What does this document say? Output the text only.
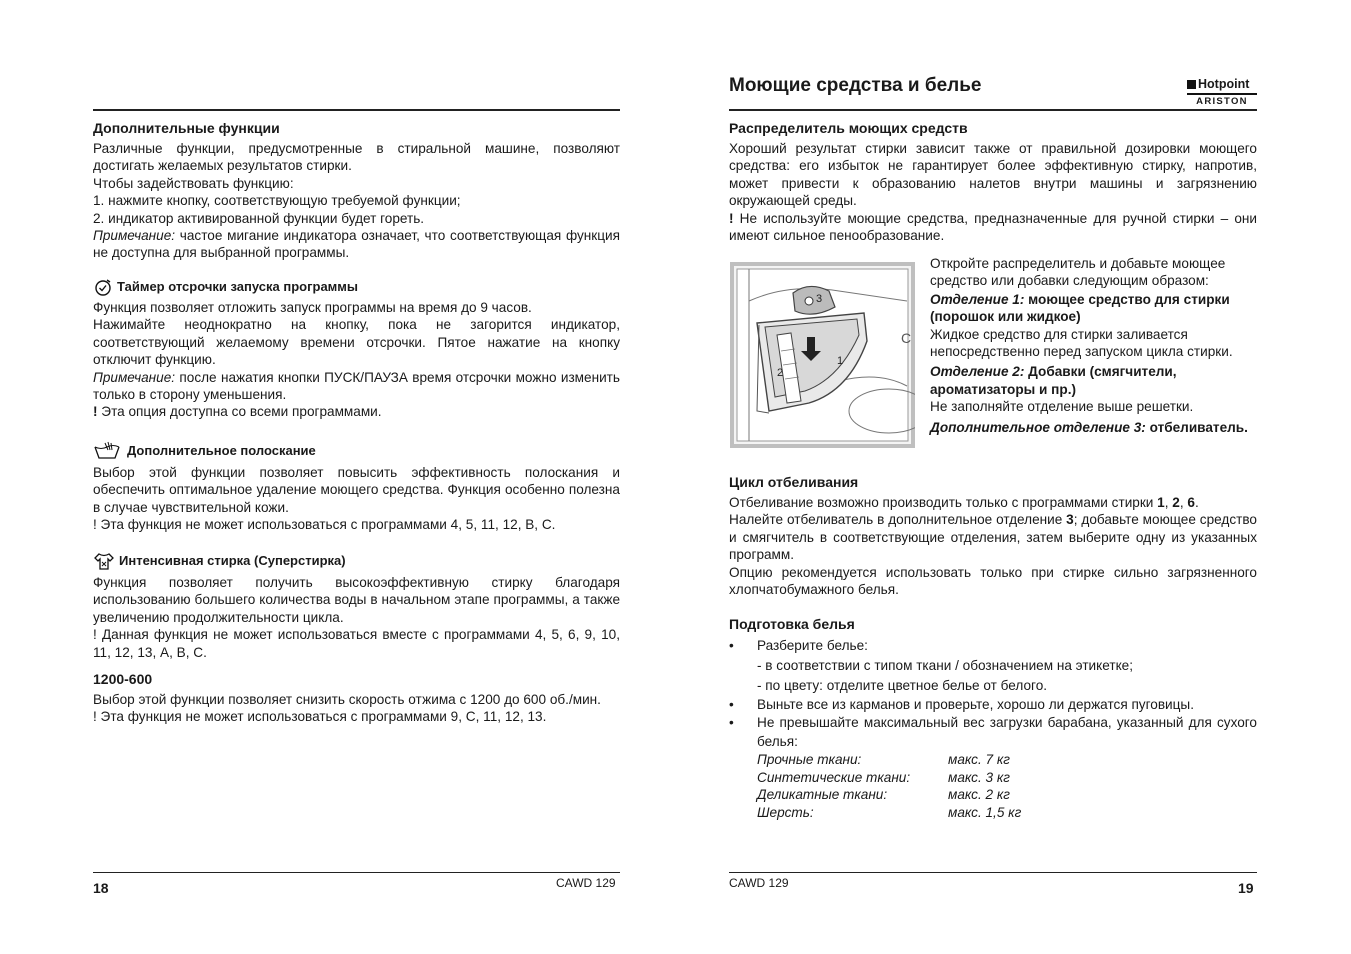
Дополнительные функции

Различные функции, предусмотренные в стиральной машине, позволяют достигать желаемых результатов стирки.

Чтобы задействовать функцию:

1. нажмите кнопку, соответствующую требуемой функции;

2. индикатор активированной функции будет гореть.

Примечание: частое мигание индикатора означает, что соответствующая функция не доступна для выбранной программы.

Таймер отсрочки запуска программы

Функция позволяет отложить запуск программы на время до 9 часов.

Нажимайте неоднократно на кнопку, пока не загорится индикатор, соответствующий желаемому времени отсрочки. Пятое нажатие на кнопку отключит функцию.

Примечание: после нажатия кнопки ПУСК/ПАУЗА время отсрочки можно изменить только в сторону уменьшения.

! Эта опция доступна со всеми программами.

Дополнительное полоскание

Выбор этой функции позволяет повысить эффективность полоскания и обеспечить оптимальное удаление моющего средства. Функция особенно полезна в случае чувствительной кожи.

! Эта функция не может использоваться с программами 4, 5, 11, 12, B, C.

Интенсивная стирка (Суперстирка)

Функция позволяет получить высокоэффективную стирку благодаря использованию большего количества воды в начальном этапе программы, а также увеличению продолжительности цикла.

! Данная функция не может использоваться вместе с программами 4, 5, 6, 9, 10, 11, 12, 13, A, B, C.

1200-600

Выбор этой функции позволяет снизить скорость отжима с 1200 до 600 об./мин.

! Эта функция не может использоваться с программами 9, C, 11, 12, 13.

18	CAWD 129
Моющие средства и белье	Hotpoint
ARISTON
Распределитель моющих средств

Хороший результат стирки зависит также от правильной дозировки моющего средства: его избыток не гарантирует более эффективную стирку, напротив, может привести к образованию налетов внутри машины и загрязнению окружающей среды.

! Не используйте моющие средства, предназначенные для ручной стирки – они имеют сильное пенообразование.

Откройте распределитель и добавьте моющее средство или добавки следующим образом:

Отделение 1: моющее средство для стирки (порошок или жидкое)

Жидкое средство для стирки заливается непосредственно перед запуском цикла стирки.

Отделение 2: Добавки (смягчители, ароматизаторы и пр.)

Не заполняйте отделение выше решетки.

Дополнительное отделение 3: отбеливатель.

Цикл отбеливания

Отбеливание возможно производить только с программами стирки 1, 2, 6.

Налейте отбеливатель в дополнительное отделение 3; добавьте моющее средство и смягчитель в соответствующие отделения, затем выберите одну из указанных программ.

Опцию рекомендуется использовать только при стирке сильно загрязненного хлопчатобумажного белья.

Подготовка белья
• Разберите белье:
- в соответствии с типом ткани / обозначением на этикетке;
- по цвету: отделите цветное белье от белого.
• Выньте все из карманов и проверьте, хорошо ли держатся пуговицы.
• Не превышайте максимальный вес загрузки барабана, указанный для сухого белья:
Прочные ткани:	макс. 7 кг
Синтетические ткани:	макс. 3 кг
Деликатные ткани:	макс. 2 кг
Шерсть:	макс. 1,5 кг
C
3
2
1
CAWD 129	19
